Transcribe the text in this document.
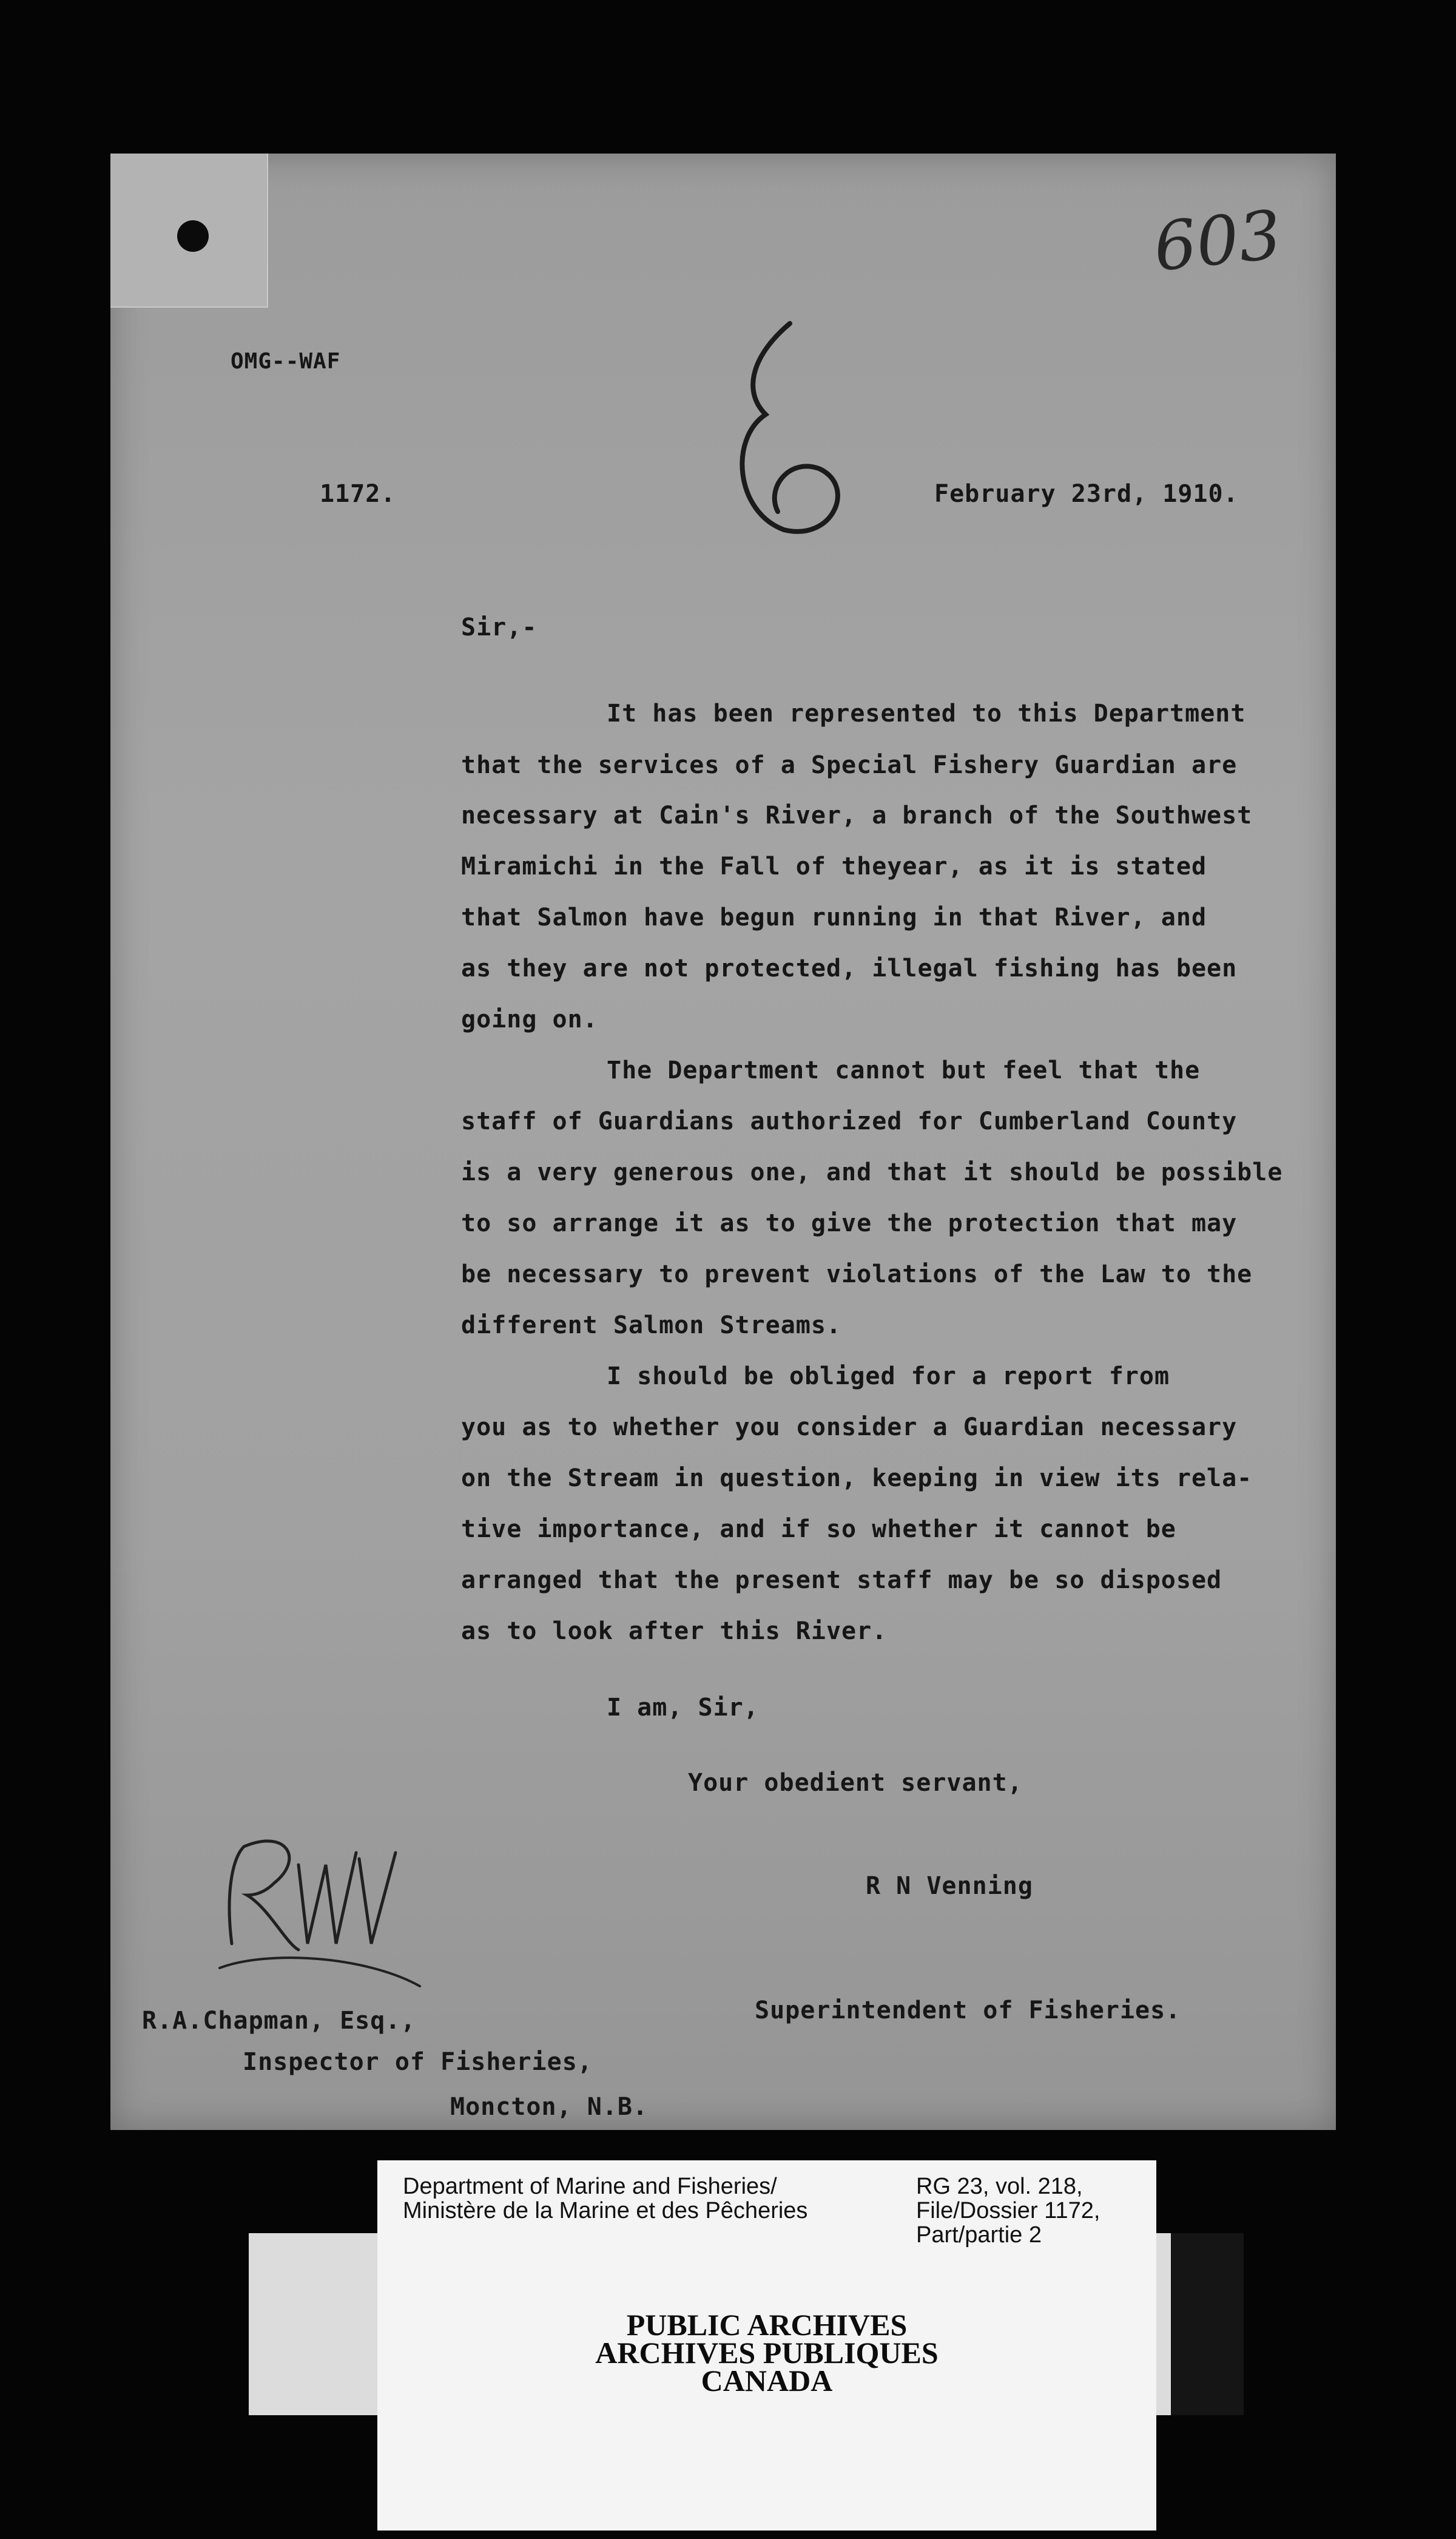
603
OMG--WAF
1172.	February 23rd, 1910.
Sir,-
It has been represented to this Department
that the services of a Special Fishery Guardian are
necessary at Cain's River, a branch of the Southwest
Miramichi in the Fall of theyear, as it is stated
that Salmon have begun running in that River, and
as they are not protected, illegal fishing has been
going on.
The Department cannot but feel that the
staff of Guardians authorized for Cumberland County
is a very generous one, and that it should be possible
to so arrange it as to give the protection that may
be necessary to prevent violations of the Law to the
different Salmon Streams.
I should be obliged for a report from
you as to whether you consider a Guardian necessary
on the Stream in question, keeping in view its rela-
tive importance, and if so whether it cannot be
arranged that the present staff may be so disposed
as to look after this River.
I am, Sir,
Your obedient servant,
R N Venning
Superintendent of Fisheries.
R.A.Chapman, Esq.,
Inspector of Fisheries,
Moncton, N.B.
Department of Marine and Fisheries/
Ministère de la Marine et des Pêcheries
RG 23, vol. 218,
File/Dossier 1172,
Part/partie 2
PUBLIC ARCHIVES
ARCHIVES PUBLIQUES
CANADA
